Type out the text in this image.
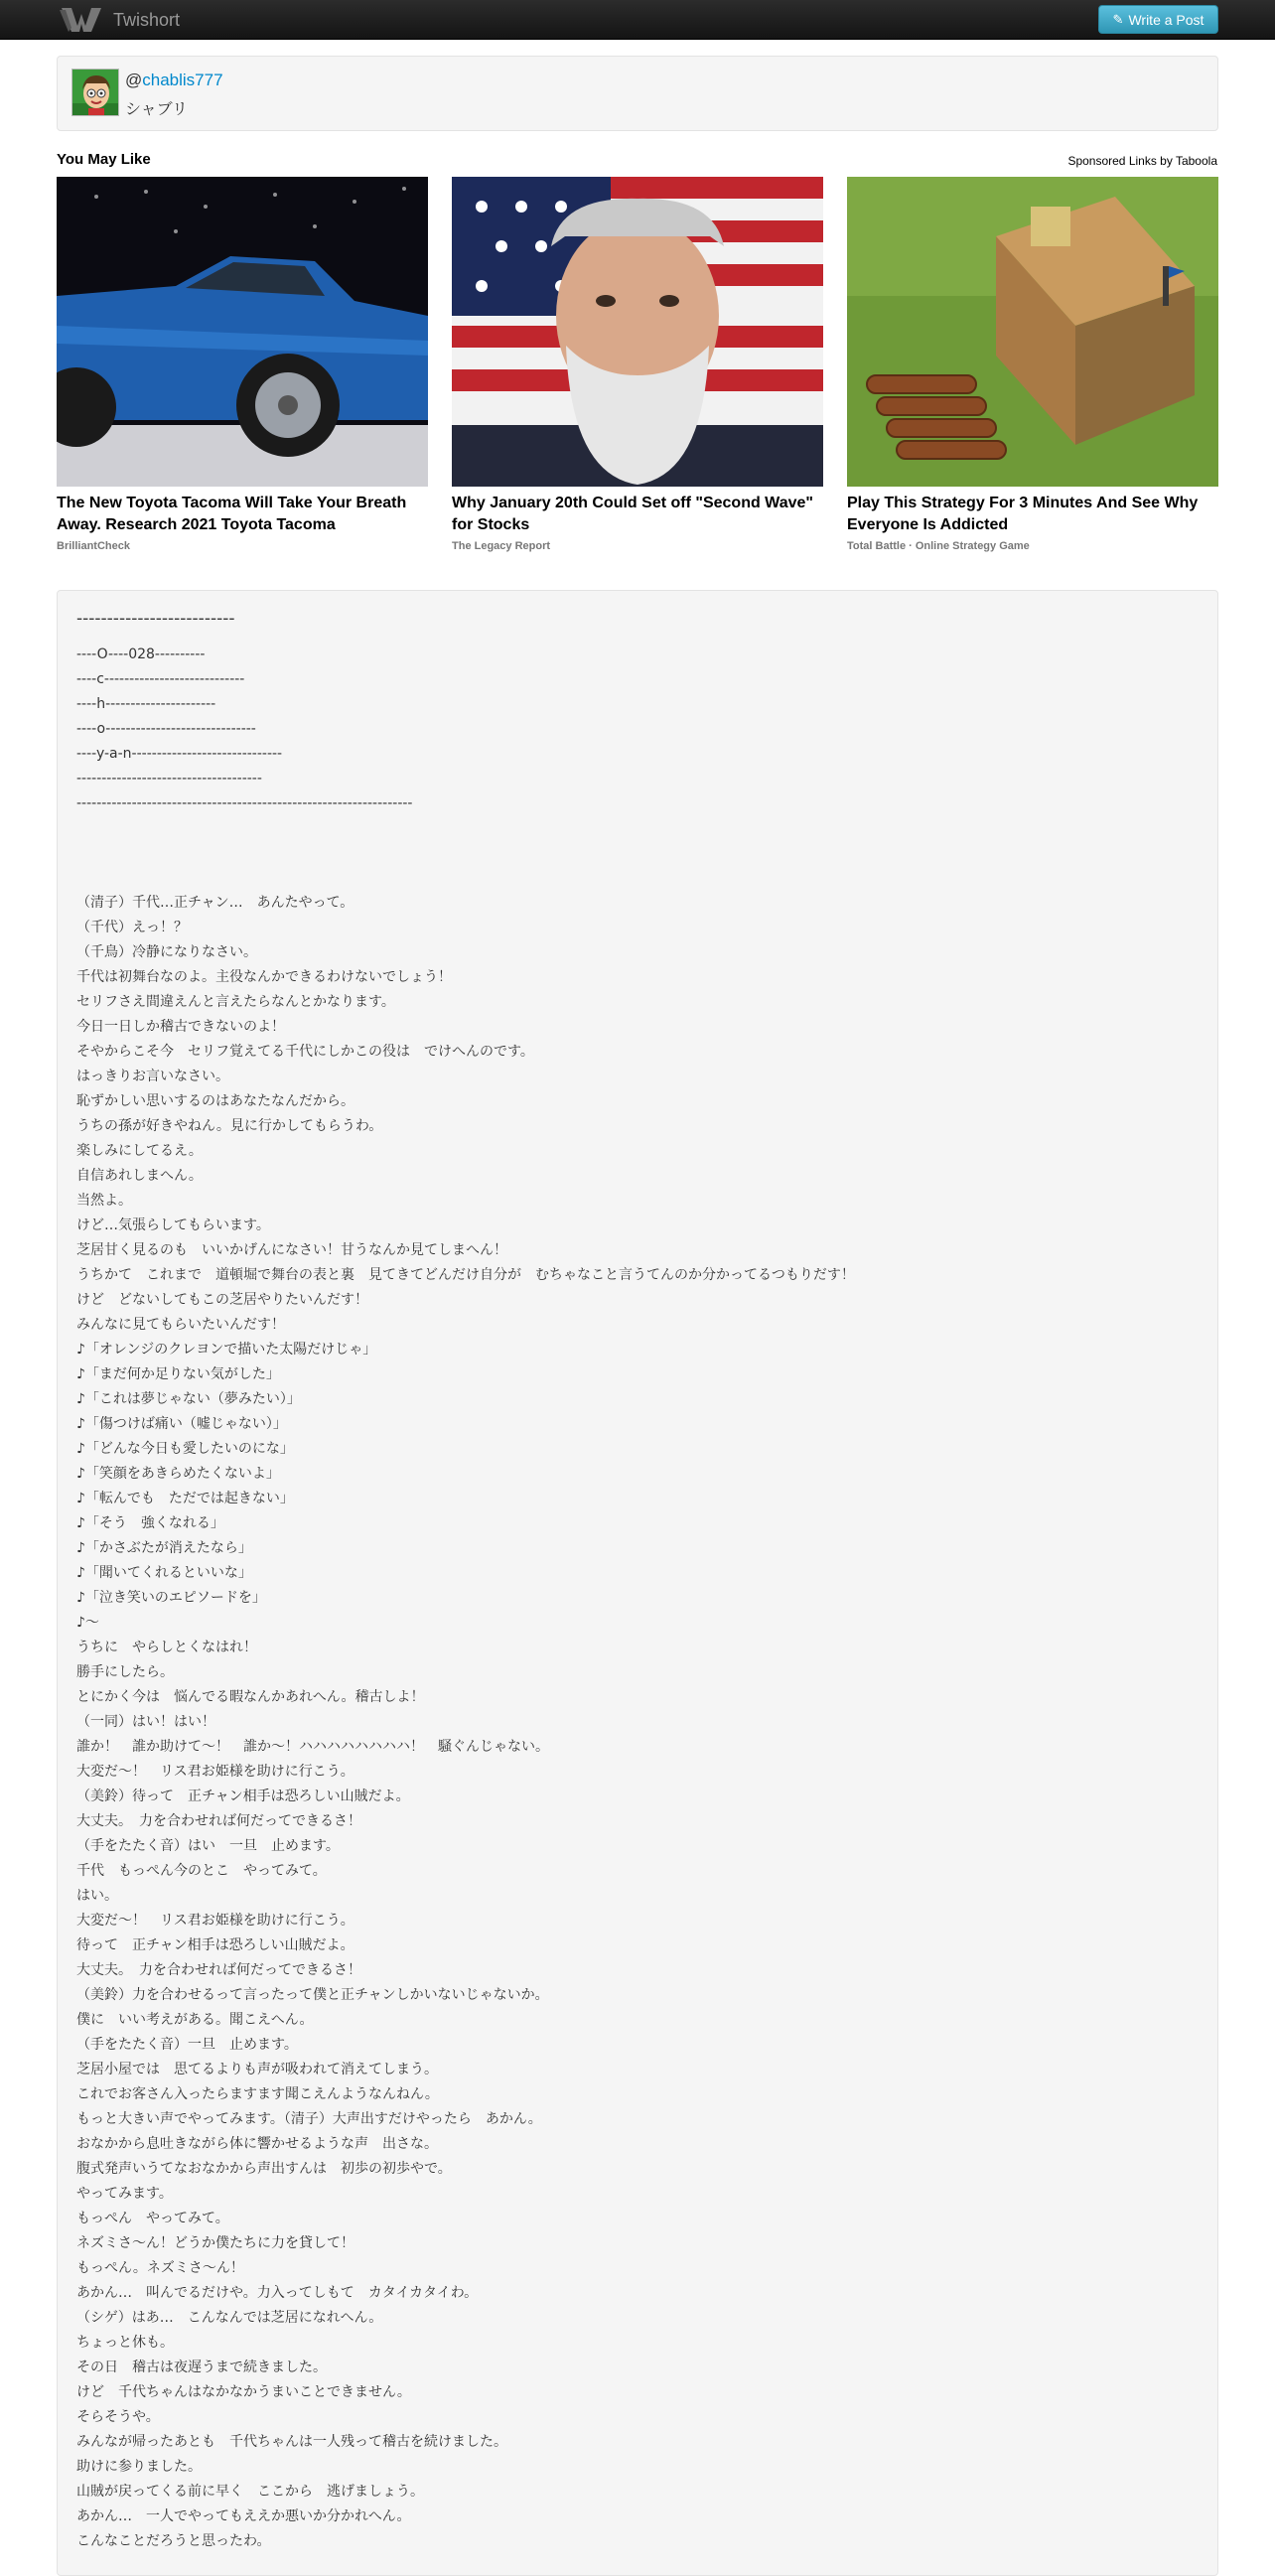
Twishort	✎ Write a Post
@chablis777
シャブリ
You May Like	Sponsored Links by Taboola
The New Toyota Tacoma Will Take Your Breath Away. Research 2021 Toyota Tacoma
BrilliantCheck
Why January 20th Could Set off "Second Wave" for Stocks
The Legacy Report
Play This Strategy For 3 Minutes And See Why Everyone Is Addicted
Total Battle · Online Strategy Game
--------------------------
----O----028----------
----c----------------------------
----h----------------------
----o------------------------------
----y-a-n------------------------------
-------------------------------------
-------------------------------------------------------------------
（清子）千代…正チャン…　あんたやって。
（千代）えっ！？
（千鳥）冷静になりなさい。
千代は初舞台なのよ。主役なんかできるわけないでしょう！
セリフさえ間違えんと言えたらなんとかなります。
今日一日しか稽古できないのよ！
そやからこそ今　セリフ覚えてる千代にしかこの役は　でけへんのです。
はっきりお言いなさい。
恥ずかしい思いするのはあなたなんだから。
うちの孫が好きやねん。見に行かしてもらうわ。
楽しみにしてるえ。
自信あれしまへん。
当然よ。
けど…気張らしてもらいます。
芝居甘く見るのも　いいかげんになさい！甘うなんか見てしまへん！
うちかて　これまで　道頓堀で舞台の表と裏　見てきてどんだけ自分が　むちゃなこと言うてんのか分かってるつもりだす！
けど　どないしてもこの芝居やりたいんだす！
みんなに見てもらいたいんだす！
♪「オレンジのクレヨンで描いた太陽だけじゃ」
♪「まだ何か足りない気がした」
♪「これは夢じゃない（夢みたい）」
♪「傷つけば痛い（嘘じゃない）」
♪「どんな今日も愛したいのにな」
♪「笑顔をあきらめたくないよ」
♪「転んでも　ただでは起きない」
♪「そう　強くなれる」
♪「かさぶたが消えたなら」
♪「聞いてくれるといいな」
♪「泣き笑いのエピソードを」
♪～
うちに　やらしとくなはれ！
勝手にしたら。
とにかく今は　悩んでる暇なんかあれへん。稽古しよ！
（一同）はい！はい！
誰か！　誰か助けて～！　誰か～！ハハハハハハハハ！　騒ぐんじゃない。
大変だ～！　リス君お姫様を助けに行こう。
（美鈴）待って　正チャン相手は恐ろしい山賊だよ。
大丈夫。　力を合わせれば何だってできるさ！
（手をたたく音）はい　一旦　止めます。
千代　もっぺん今のとこ　やってみて。
はい。
大変だ～！　リス君お姫様を助けに行こう。
待って　正チャン相手は恐ろしい山賊だよ。
大丈夫。　力を合わせれば何だってできるさ！
（美鈴）力を合わせるって言ったって僕と正チャンしかいないじゃないか。
僕に　いい考えがある。聞こえへん。
（手をたたく音）一旦　止めます。
芝居小屋では　思てるよりも声が吸われて消えてしまう。
これでお客さん入ったらますます聞こえんようなんねん。
もっと大きい声でやってみます。（清子）大声出すだけやったら　あかん。
おなかから息吐きながら体に響かせるような声　出さな。
腹式発声いうてなおなかから声出すんは　初歩の初歩やで。
やってみます。
もっぺん　やってみて。
ネズミさ～ん！どうか僕たちに力を貸して！
もっぺん。ネズミさ～ん！
あかん…　叫んでるだけや。力入ってしもて　カタイカタイわ。
（シゲ）はあ…　こんなんでは芝居になれへん。
ちょっと休も。
その日　稽古は夜遅うまで続きました。
けど　千代ちゃんはなかなかうまいことできません。
そらそうや。
みんなが帰ったあとも　千代ちゃんは一人残って稽古を続けました。
助けに参りました。
山賊が戻ってくる前に早く　ここから　逃げましょう。
あかん…　一人でやってもええか悪いか分かれへん。
こんなことだろうと思ったわ。
